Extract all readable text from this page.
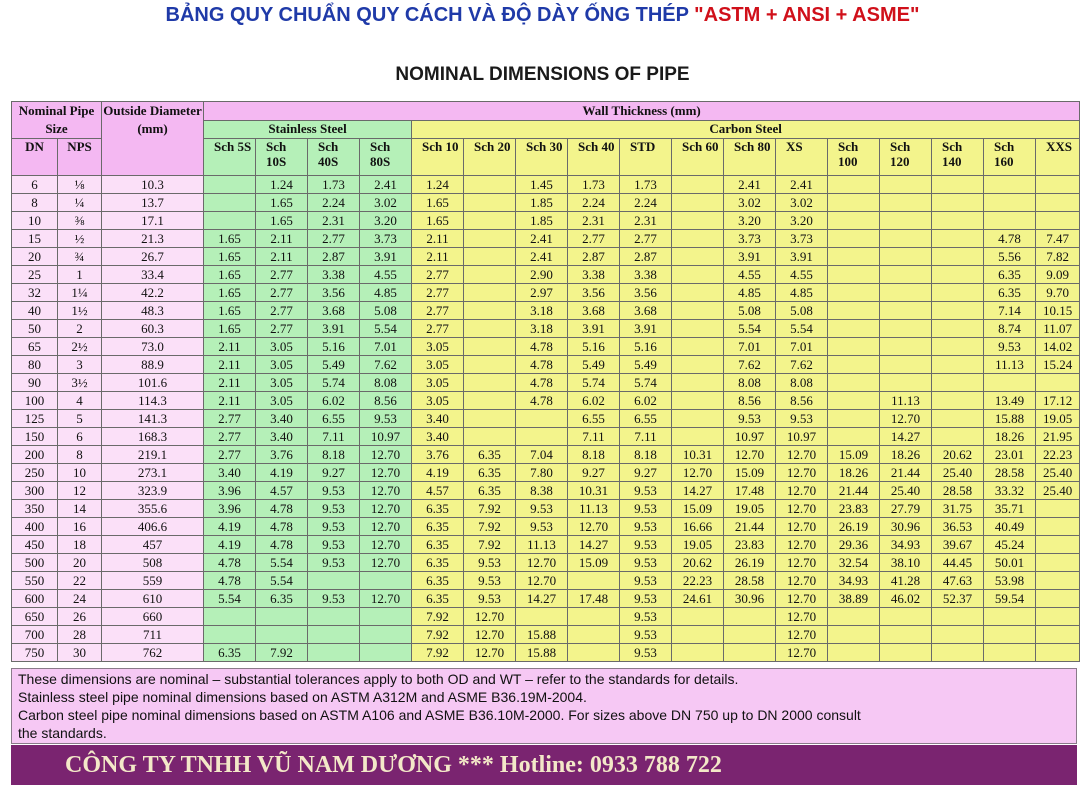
BẢNG QUY CHUẨN QUY CÁCH VÀ ĐỘ DÀY ỐNG THÉP "ASTM + ANSI + ASME"
NOMINAL DIMENSIONS OF PIPE
Nominal Pipe Size		Outside Diameter (mm)	Wall Thickness (mm)																
			Stainless Steel				Carbon Steel												
DN	NPS		Sch 5S	Sch 10S	Sch 40S	Sch 80S	Sch 10	Sch 20	Sch 30	Sch 40	STD	Sch 60	Sch 80	XS	Sch 100	Sch 120	Sch 140	Sch 160	XXS
6	⅛	10.3		1.24	1.73	2.41	1.24		1.45	1.73	1.73		2.41	2.41					
8	¼	13.7		1.65	2.24	3.02	1.65		1.85	2.24	2.24		3.02	3.02					
10	⅜	17.1		1.65	2.31	3.20	1.65		1.85	2.31	2.31		3.20	3.20					
15	½	21.3	1.65	2.11	2.77	3.73	2.11		2.41	2.77	2.77		3.73	3.73				4.78	7.47
20	¾	26.7	1.65	2.11	2.87	3.91	2.11		2.41	2.87	2.87		3.91	3.91				5.56	7.82
25	1	33.4	1.65	2.77	3.38	4.55	2.77		2.90	3.38	3.38		4.55	4.55				6.35	9.09
32	1¼	42.2	1.65	2.77	3.56	4.85	2.77		2.97	3.56	3.56		4.85	4.85				6.35	9.70
40	1½	48.3	1.65	2.77	3.68	5.08	2.77		3.18	3.68	3.68		5.08	5.08				7.14	10.15
50	2	60.3	1.65	2.77	3.91	5.54	2.77		3.18	3.91	3.91		5.54	5.54				8.74	11.07
65	2½	73.0	2.11	3.05	5.16	7.01	3.05		4.78	5.16	5.16		7.01	7.01				9.53	14.02
80	3	88.9	2.11	3.05	5.49	7.62	3.05		4.78	5.49	5.49		7.62	7.62				11.13	15.24
90	3½	101.6	2.11	3.05	5.74	8.08	3.05		4.78	5.74	5.74		8.08	8.08					
100	4	114.3	2.11	3.05	6.02	8.56	3.05		4.78	6.02	6.02		8.56	8.56		11.13		13.49	17.12
125	5	141.3	2.77	3.40	6.55	9.53	3.40			6.55	6.55		9.53	9.53		12.70		15.88	19.05
150	6	168.3	2.77	3.40	7.11	10.97	3.40			7.11	7.11		10.97	10.97		14.27		18.26	21.95
200	8	219.1	2.77	3.76	8.18	12.70	3.76	6.35	7.04	8.18	8.18	10.31	12.70	12.70	15.09	18.26	20.62	23.01	22.23
250	10	273.1	3.40	4.19	9.27	12.70	4.19	6.35	7.80	9.27	9.27	12.70	15.09	12.70	18.26	21.44	25.40	28.58	25.40
300	12	323.9	3.96	4.57	9.53	12.70	4.57	6.35	8.38	10.31	9.53	14.27	17.48	12.70	21.44	25.40	28.58	33.32	25.40
350	14	355.6	3.96	4.78	9.53	12.70	6.35	7.92	9.53	11.13	9.53	15.09	19.05	12.70	23.83	27.79	31.75	35.71	
400	16	406.6	4.19	4.78	9.53	12.70	6.35	7.92	9.53	12.70	9.53	16.66	21.44	12.70	26.19	30.96	36.53	40.49	
450	18	457	4.19	4.78	9.53	12.70	6.35	7.92	11.13	14.27	9.53	19.05	23.83	12.70	29.36	34.93	39.67	45.24	
500	20	508	4.78	5.54	9.53	12.70	6.35	9.53	12.70	15.09	9.53	20.62	26.19	12.70	32.54	38.10	44.45	50.01	
550	22	559	4.78	5.54			6.35	9.53	12.70		9.53	22.23	28.58	12.70	34.93	41.28	47.63	53.98	
600	24	610	5.54	6.35	9.53	12.70	6.35	9.53	14.27	17.48	9.53	24.61	30.96	12.70	38.89	46.02	52.37	59.54	
650	26	660					7.92	12.70			9.53			12.70					
700	28	711					7.92	12.70	15.88		9.53			12.70					
750	30	762	6.35	7.92			7.92	12.70	15.88		9.53			12.70					
These dimensions are nominal – substantial tolerances apply to both OD and WT – refer to the standards for details.
Stainless steel pipe nominal dimensions based on ASTM A312M and ASME B36.19M-2004.
Carbon steel pipe nominal dimensions based on ASTM A106 and ASME B36.10M-2000. For sizes above DN 750 up to DN 2000 consult
the standards.
CÔNG TY TNHH VŨ NAM DƯƠNG *** Hotline: 0933 788 722
